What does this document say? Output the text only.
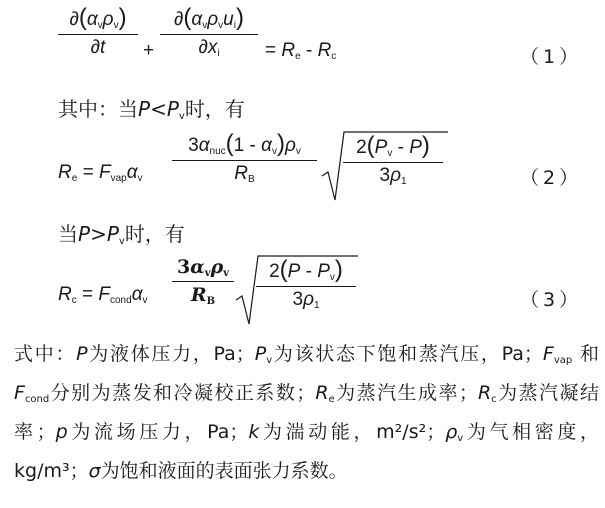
$\partial(\alpha_v\rho_v)$
∂t	+
$\partial(\alpha_v\rho_vu_i)$
$\partial x_i$	= $R_e - R_c$	（1）
其中：当$P<P_v$时，有
$R_e = F_{vap}\alpha_v$
$3\alpha_{nuc}(1 - \alpha_v)\rho_v$
$R_B$
$2(P_v - P)$
$3\rho_1$	（2）
当$P>P_v$时，有
$R_c = F_{cond}\alpha_v$
$3\alpha_v\rho_v$
$R_B$
$2(P - P_v)$
$3\rho_1$	（3）
式中：P为液体压力，Pa；$P_v$为该状态下饱和蒸汽压，Pa；$F_{vap}$ 和 $F_{cond}$分别为蒸发和冷凝校正系数；$R_e$为蒸汽生成率；$R_c$为蒸汽凝结率；p为流场压力，Pa；k为湍动能，m²/s²；$\rho_v$为气相密度，kg/m³；σ为饱和液面的表面张力系数。
